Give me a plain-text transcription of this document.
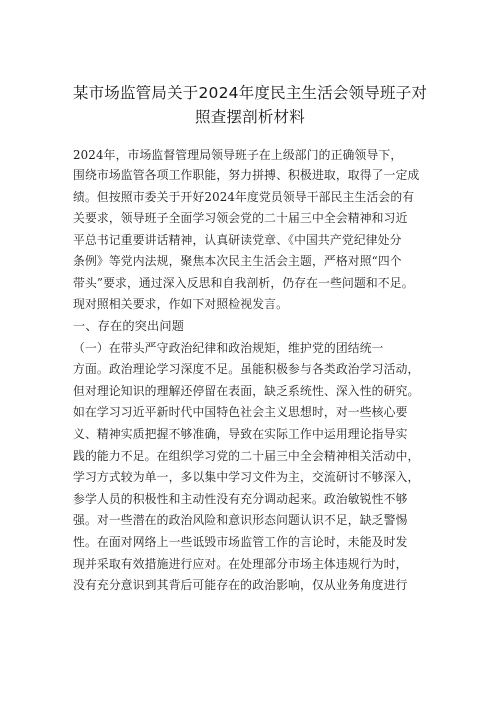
某市场监管局关于2024年度民主生活会领导班子对
照查摆剖析材料
2024年，市场监督管理局领导班子在上级部门的正确领导下，
围绕市场监管各项工作职能，努力拼搏、积极进取，取得了一定成
绩。但按照市委关于开好2024年度党员领导干部民主生活会的有
关要求，领导班子全面学习领会党的二十届三中全会精神和习近
平总书记重要讲话精神，认真研读党章、《中国共产党纪律处分
条例》等党内法规，聚焦本次民主生活会主题，严格对照“四个
带头”要求，通过深入反思和自我剖析，仍存在一些问题和不足。
现对照相关要求，作如下对照检视发言。
一、存在的突出问题
（一）在带头严守政治纪律和政治规矩，维护党的团结统一
方面。政治理论学习深度不足。虽能积极参与各类政治学习活动，
但对理论知识的理解还停留在表面，缺乏系统性、深入性的研究。
如在学习习近平新时代中国特色社会主义思想时，对一些核心要
义、精神实质把握不够准确，导致在实际工作中运用理论指导实
践的能力不足。在组织学习党的二十届三中全会精神相关活动中，
学习方式较为单一，多以集中学习文件为主，交流研讨不够深入，
参学人员的积极性和主动性没有充分调动起来。政治敏锐性不够
强。对一些潜在的政治风险和意识形态问题认识不足，缺乏警惕
性。在面对网络上一些诋毁市场监管工作的言论时，未能及时发
现并采取有效措施进行应对。在处理部分市场主体违规行为时，
没有充分意识到其背后可能存在的政治影响，仅从业务角度进行
